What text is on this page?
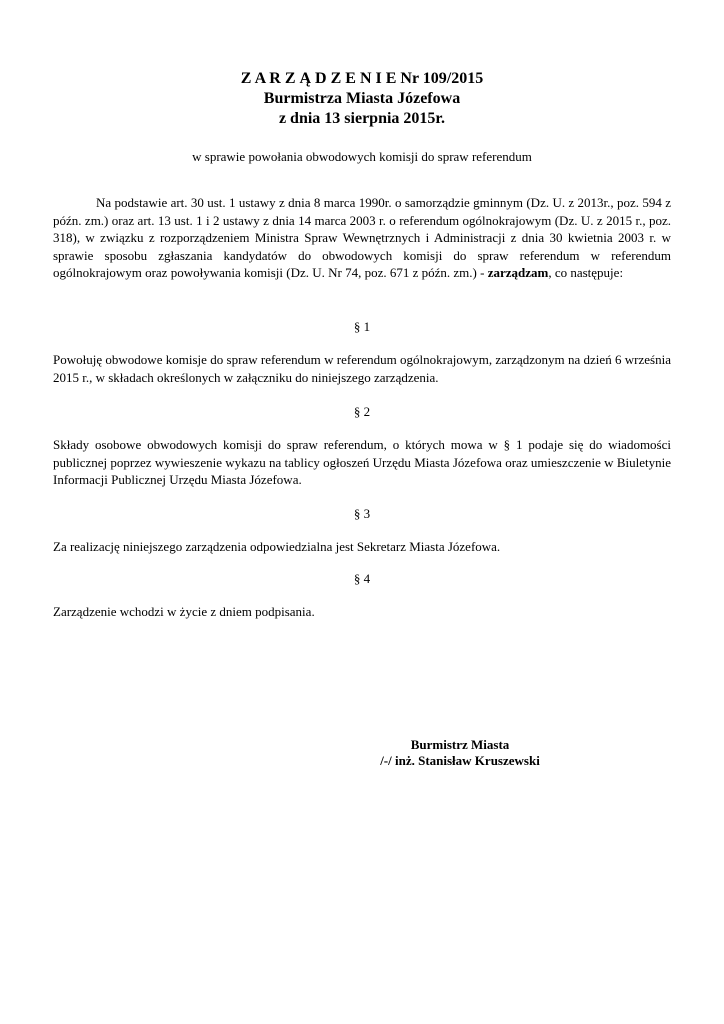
Z A R Z Ą D Z E N I E Nr 109/2015
Burmistrza Miasta Józefowa
z dnia 13 sierpnia 2015r.
w sprawie powołania obwodowych komisji do spraw referendum

Na podstawie art. 30 ust. 1 ustawy z dnia 8 marca 1990r. o samorządzie gminnym (Dz. U. z 2013r., poz. 594 z późn. zm.) oraz art. 13 ust. 1 i 2 ustawy z dnia 14 marca 2003 r. o referendum ogólnokrajowym (Dz. U. z 2015 r., poz. 318), w związku z rozporządzeniem Ministra Spraw Wewnętrznych i Administracji z dnia 30 kwietnia 2003 r. w sprawie sposobu zgłaszania kandydatów do obwodowych komisji do spraw referendum w referendum ogólnokrajowym oraz powoływania komisji (Dz. U. Nr 74, poz. 671 z późn. zm.) - zarządzam, co następuje:

§ 1

Powołuję obwodowe komisje do spraw referendum w referendum ogólnokrajowym, zarządzonym na dzień 6 września 2015 r., w składach określonych w załączniku do niniejszego zarządzenia.

§ 2

Składy osobowe obwodowych komisji do spraw referendum, o których mowa w § 1 podaje się do wiadomości publicznej poprzez wywieszenie wykazu na tablicy ogłoszeń Urzędu Miasta Józefowa oraz umieszczenie w Biuletynie Informacji Publicznej Urzędu Miasta Józefowa.

§ 3

Za realizację niniejszego zarządzenia odpowiedzialna jest Sekretarz Miasta Józefowa.

§ 4

Zarządzenie wchodzi w życie z dniem podpisania.

Burmistrz Miasta
/-/ inż. Stanisław Kruszewski
